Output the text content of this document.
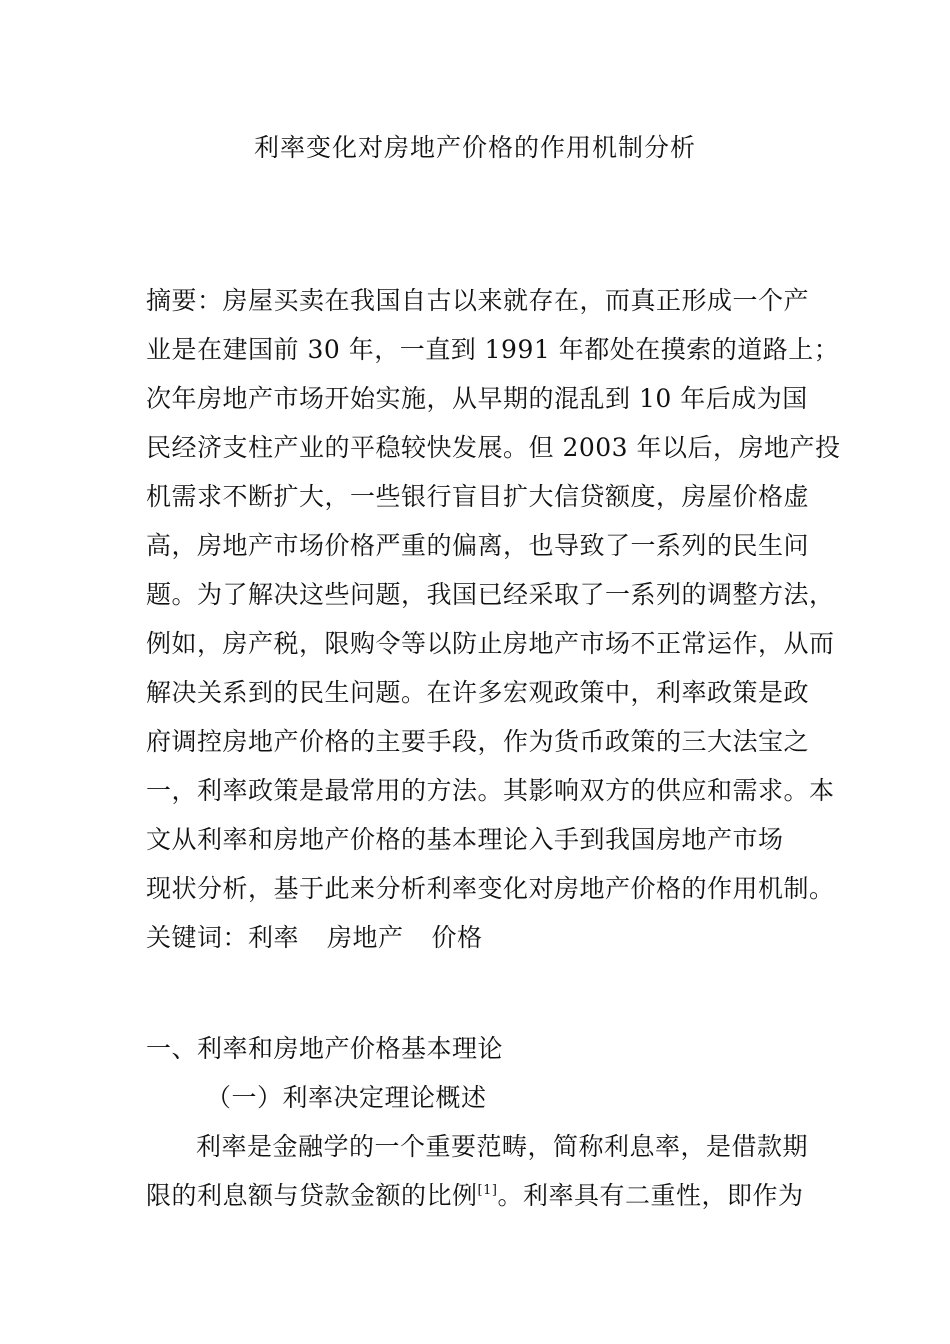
利率变化对房地产价格的作用机制分析
摘要：房屋买卖在我国自古以来就存在，而真正形成一个产
业是在建国前 30 年，一直到 1991 年都处在摸索的道路上；
次年房地产市场开始实施，从早期的混乱到 10 年后成为国
民经济支柱产业的平稳较快发展。但 2003 年以后，房地产投
机需求不断扩大，一些银行盲目扩大信贷额度，房屋价格虚
高，房地产市场价格严重的偏离，也导致了一系列的民生问
题。为了解决这些问题，我国已经采取了一系列的调整方法，
例如，房产税，限购令等以防止房地产市场不正常运作，从而
解决关系到的民生问题。在许多宏观政策中，利率政策是政
府调控房地产价格的主要手段，作为货币政策的三大法宝之
一，利率政策是最常用的方法。其影响双方的供应和需求。本
文从利率和房地产价格的基本理论入手到我国房地产市场
现状分析，基于此来分析利率变化对房地产价格的作用机制。
关键词：利率 房地产 价格
一、利率和房地产价格基本理论
（一）利率决定理论概述
利率是金融学的一个重要范畴，简称利息率，是借款期
限的利息额与贷款金额的比例[1]。利率具有二重性，即作为
